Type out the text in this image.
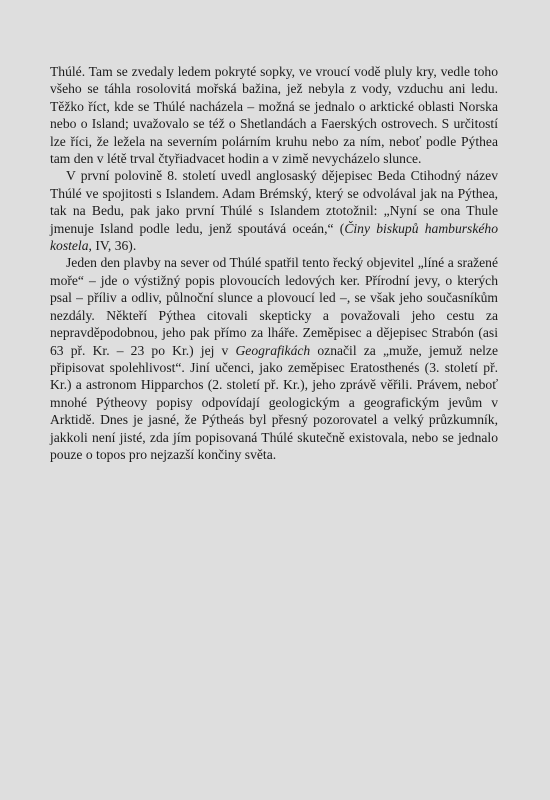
Thúlé. Tam se zvedaly ledem pokryté sopky, ve vroucí vodě pluly kry, vedle toho všeho se táhla rosolovitá mořská bažina, jež nebyla z vody, vzduchu ani ledu. Těžko říct, kde se Thúlé nacházela – možná se jednalo o arktické oblasti Norska nebo o Island; uvažovalo se též o Shetlandách a Faerských ostrovech. S určitostí lze říci, že ležela na severním polárním kruhu nebo za ním, neboť podle Pýthea tam den v létě trval čtyřiadvacet hodin a v zimě nevycházelo slunce.

V první polovině 8. století uvedl anglosaský dějepisec Beda Ctihodný název Thúlé ve spojitosti s Islandem. Adam Brémský, který se odvolával jak na Pýthea, tak na Bedu, pak jako první Thúlé s Islandem ztotožnil: „Nyní se ona Thule jmenuje Island podle ledu, jenž spoutává oceán,“ (Činy biskupů hamburského kostela, IV, 36).

Jeden den plavby na sever od Thúlé spatřil tento řecký objevitel „líné a sražené moře“ – jde o výstižný popis plovoucích ledových ker. Přírodní jevy, o kterých psal – příliv a odliv, půlnoční slunce a plovoucí led –, se však jeho současníkům nezdály. Někteří Pýthea citovali skepticky a považovali jeho cestu za nepravděpodobnou, jeho pak přímo za lháře. Zeměpisec a dějepisec Strabón (asi 63 př. Kr. – 23 po Kr.) jej v Geografikách označil za „muže, jemuž nelze připisovat spolehlivost“. Jiní učenci, jako zeměpisec Eratosthenés (3. století př. Kr.) a astronom Hipparchos (2. století př. Kr.), jeho zprávě věřili. Právem, neboť mnohé Pýtheovy popisy odpovídají geologickým a geografickým jevům v Arktidě. Dnes je jasné, že Pýtheás byl přesný pozorovatel a velký průzkumník, jakkoli není jisté, zda jím popisovaná Thúlé skutečně existovala, nebo se jednalo pouze o topos pro nejzazší končiny světa.
